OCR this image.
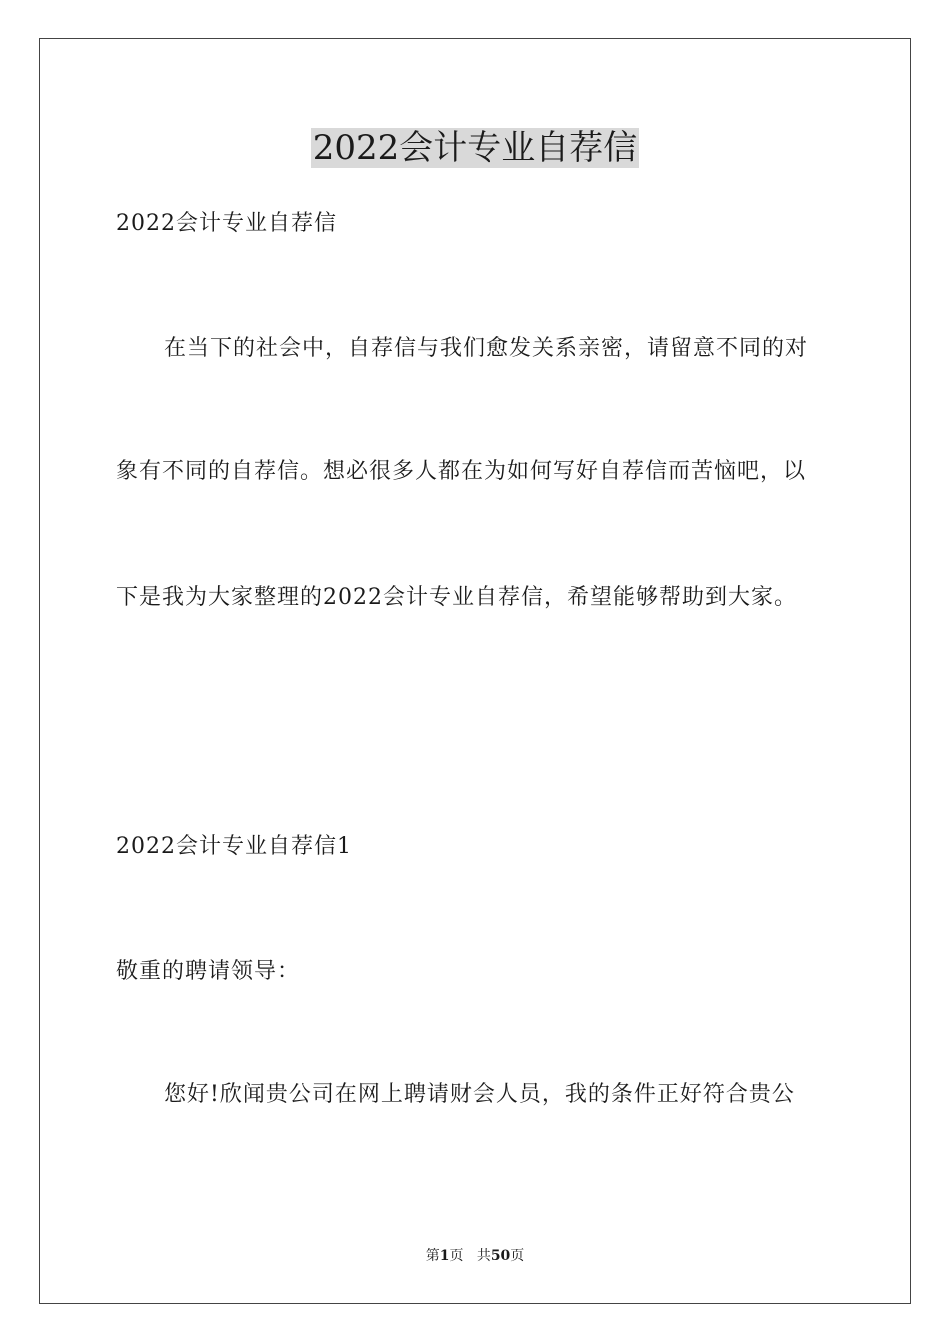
2022会计专业自荐信
2022会计专业自荐信
在当下的社会中，自荐信与我们愈发关系亲密，请留意不同的对
象有不同的自荐信。想必很多人都在为如何写好自荐信而苦恼吧，以
下是我为大家整理的2022会计专业自荐信，希望能够帮助到大家。
2022会计专业自荐信1
敬重的聘请领导：
您好!欣闻贵公司在网上聘请财会人员，我的条件正好符合贵公
第1页 共50页
